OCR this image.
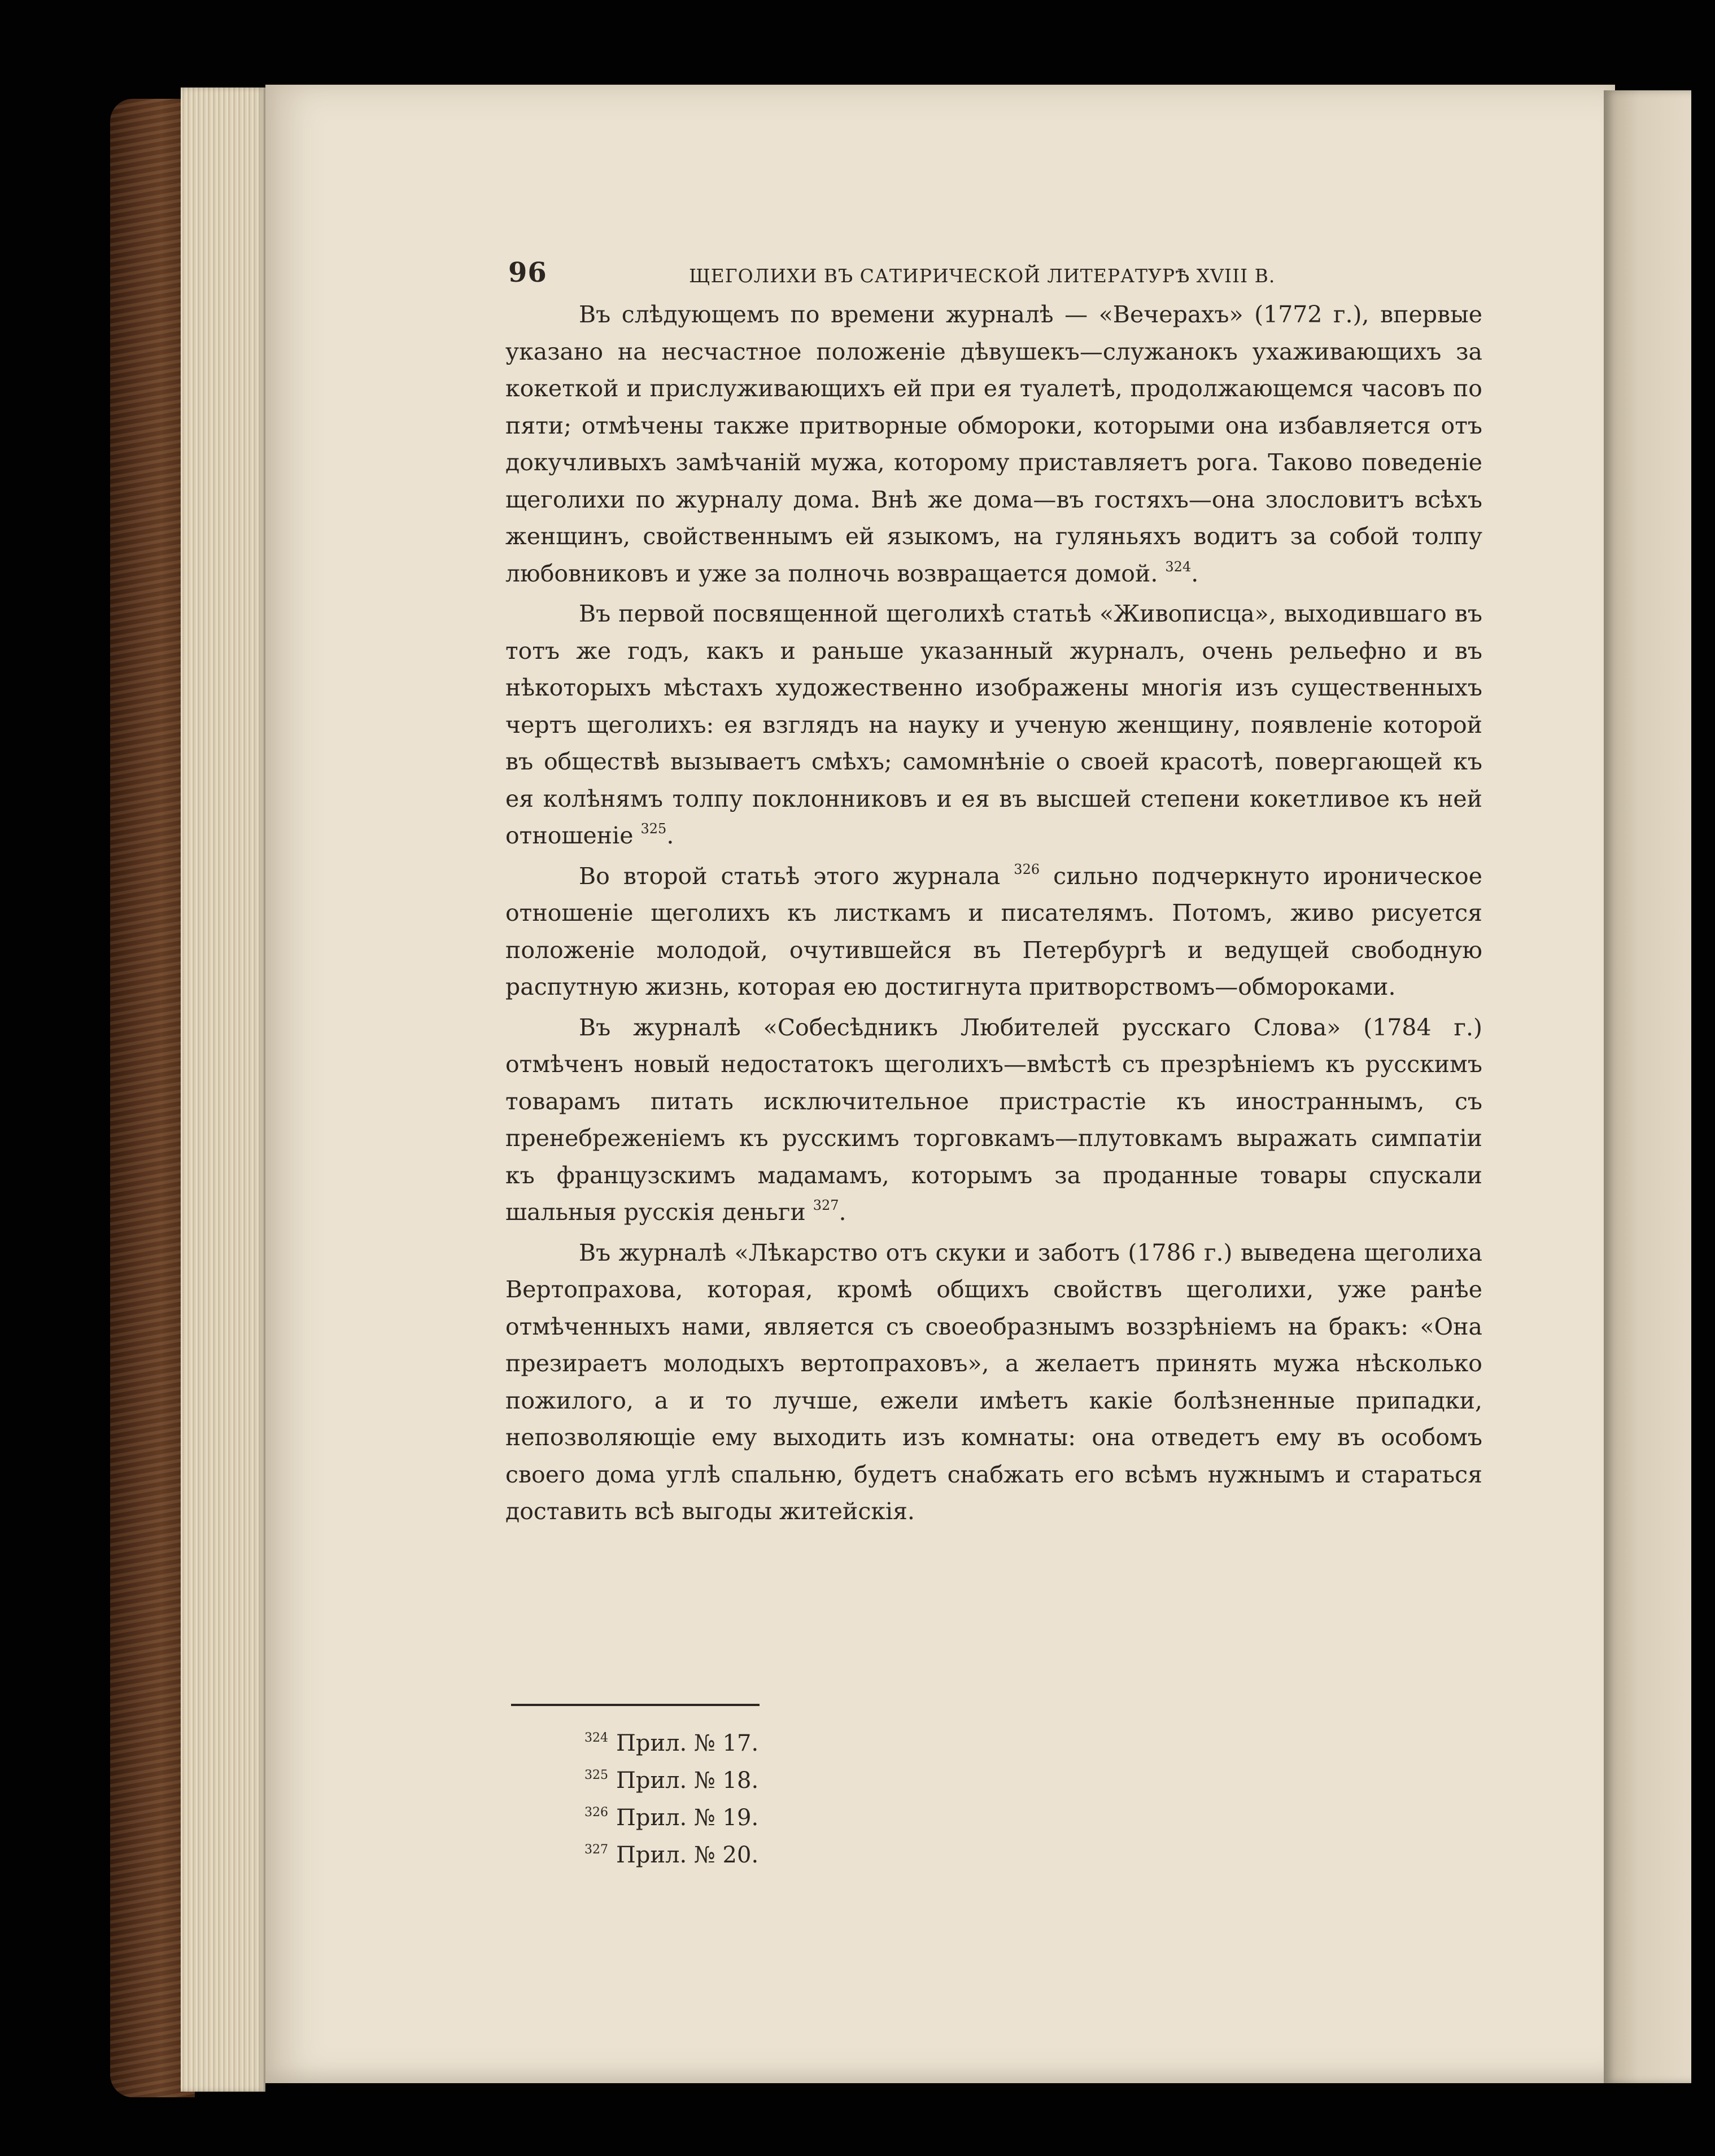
96	ЩЕГОЛИХИ ВЪ САТИРИЧЕСКОЙ ЛИТЕРАТУРѢ XVIII В.

Въ слѣдующемъ по времени журналѣ — «Вечерахъ» (1772 г.), впервые указано на несчастное положеніе дѣвушекъ—служанокъ ухаживающихъ за кокеткой и прислуживающихъ ей при ея туалетѣ, продолжающемся часовъ по пяти; отмѣчены также притворные обмороки, которыми она избавляется отъ докучливыхъ замѣчаній мужа, которому приставляетъ рога. Таково поведеніе щеголихи по журналу дома. Внѣ же дома—въ гостяхъ—она злословитъ всѣхъ женщинъ, свойственнымъ ей языкомъ, на гуляньяхъ водитъ за собой толпу любовниковъ и уже за полночь возвращается домой. $^{324}$.

Въ первой посвященной щеголихѣ статьѣ «Живописца», выходившаго въ тотъ же годъ, какъ и раньше указанный журналъ, очень рельефно и въ нѣкоторыхъ мѣстахъ художественно изображены многія изъ существенныхъ чертъ щеголихъ: ея взглядъ на науку и ученую женщину, появленіе которой въ обществѣ вызываетъ смѣхъ; самомнѣніе о своей красотѣ, повергающей къ ея колѣнямъ толпу поклонниковъ и ея въ высшей степени кокетливое къ ней отношеніе $^{325}$.

Во второй статьѣ этого журнала $^{326}$ сильно подчеркнуто ироническое отношеніе щеголихъ къ листкамъ и писателямъ. Потомъ, живо рисуется положеніе молодой, очутившейся въ Петербургѣ и ведущей свободную распутную жизнь, которая ею достигнута притворствомъ—обмороками.

Въ журналѣ «Собесѣдникъ Любителей русскаго Слова» (1784 г.) отмѣченъ новый недостатокъ щеголихъ—вмѣстѣ съ презрѣніемъ къ русскимъ товарамъ питать исключительное пристрастіе къ иностраннымъ, съ пренебреженіемъ къ русскимъ торговкамъ—плутовкамъ выражать симпатіи къ французскимъ мадамамъ, которымъ за проданные товары спускали шальныя русскія деньги $^{327}$.

Въ журналѣ «Лѣкарство отъ скуки и заботъ (1786 г.) выведена щеголиха Вертопрахова, которая, кромѣ общихъ свойствъ щеголихи, уже ранѣе отмѣченныхъ нами, является съ своеобразнымъ воззрѣніемъ на бракъ: «Она презираетъ молодыхъ вертопраховъ», а желаетъ принять мужа нѣсколько пожилого, а и то лучше, ежели имѣетъ какіе болѣзненные припадки, непозволяющіе ему выходить изъ комнаты: она отведетъ ему въ особомъ своего дома углѣ спальню, будетъ снабжать его всѣмъ нужнымъ и стараться доставить всѣ выгоды житейскія.

$^{324}$ Прил. № 17.
$^{325}$ Прил. № 18.
$^{326}$ Прил. № 19.
$^{327}$ Прил. № 20.
